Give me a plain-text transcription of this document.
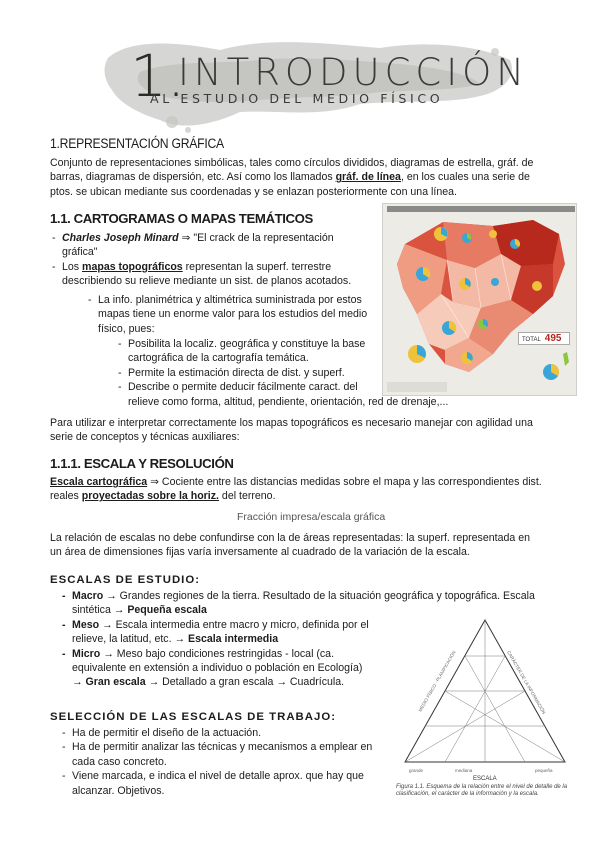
1.
INTRODUCCIÓN
AL ESTUDIO DEL MEDIO FÍSICO
1.REPRESENTACIÓN GRÁFICA

Conjunto de representaciones simbólicas, tales como círculos divididos, diagramas de estrella, gráf. de

barras, diagramas de dispersión, etc. Así como los llamados gráf. de línea, en los cuales una serie de

ptos. se ubican mediante sus coordenadas y se enlazan posteriormente con una línea.

1.1. CARTOGRAMAS O MAPAS TEMÁTICOS
- Charles Joseph Minard ⇒ "El crack de la representación
gráfica"
- Los mapas topográficos representan la superf. terrestre
describiendo su relieve mediante un sist. de planos acotados.
- La info. planimétrica y altimétrica suministrada por estos
mapas tiene un enorme valor para los estudios del medio
físico, pues:
- Posibilita la localiz. geográfica y constituye la base
cartográfica de la cartografía temática.
- Permite la estimación directa de dist. y superf.
- Describe o permite deducir fácilmente caract. del
relieve como forma, altitud, pendiente, orientación, red de drenaje,...
TOTAL 495

Para utilizar e interpretar correctamente los mapas topográficos es necesario manejar con agilidad una

serie de conceptos y técnicas auxiliares:

1.1.1. ESCALA Y RESOLUCIÓN

Escala cartográfica ⇒ Cociente entre las distancias medidas sobre el mapa y las correspondientes dist.

reales proyectadas sobre la horiz. del terreno.

Fracción impresa/escala gráfica

La relación de escalas no debe confundirse con la de áreas representadas: la superf. representada en

un área de dimensiones fijas varía inversamente al cuadrado de la variación de la escala.

ESCALAS DE ESTUDIO:
- Macro → Grandes regiones de la tierra. Resultado de la situación geográfica y topográfica. Escala
sintética → Pequeña escala
- Meso → Escala intermedia entre macro y micro, definida por el
relieve, la latitud, etc. → Escala intermedia
- Micro → Meso bajo condiciones restringidas - local (ca.
equivalente en extensión a individuo o población en Ecología)
→ Gran escala → Detallado a gran escala → Cuadrícula.
SELECCIÓN DE LAS ESCALAS DE TRABAJO:
- Ha de permitir el diseño de la actuación.
- Ha de permitir analizar las técnicas y mecanismos a emplear en
cada caso concreto.
- Viene marcada, e indica el nivel de detalle aprox. que hay que
alcanzar. Objetivos.
MEDIO FÍSICO · PLANIFICACIÓN	CARÁCTER DE LA INFORMACIÓN
grande	mediana	pequeña
ESCALA

Figura 1.1. Esquema de la relación entre el nivel de detalle de la clasificación, el carácter de la información y la escala.
